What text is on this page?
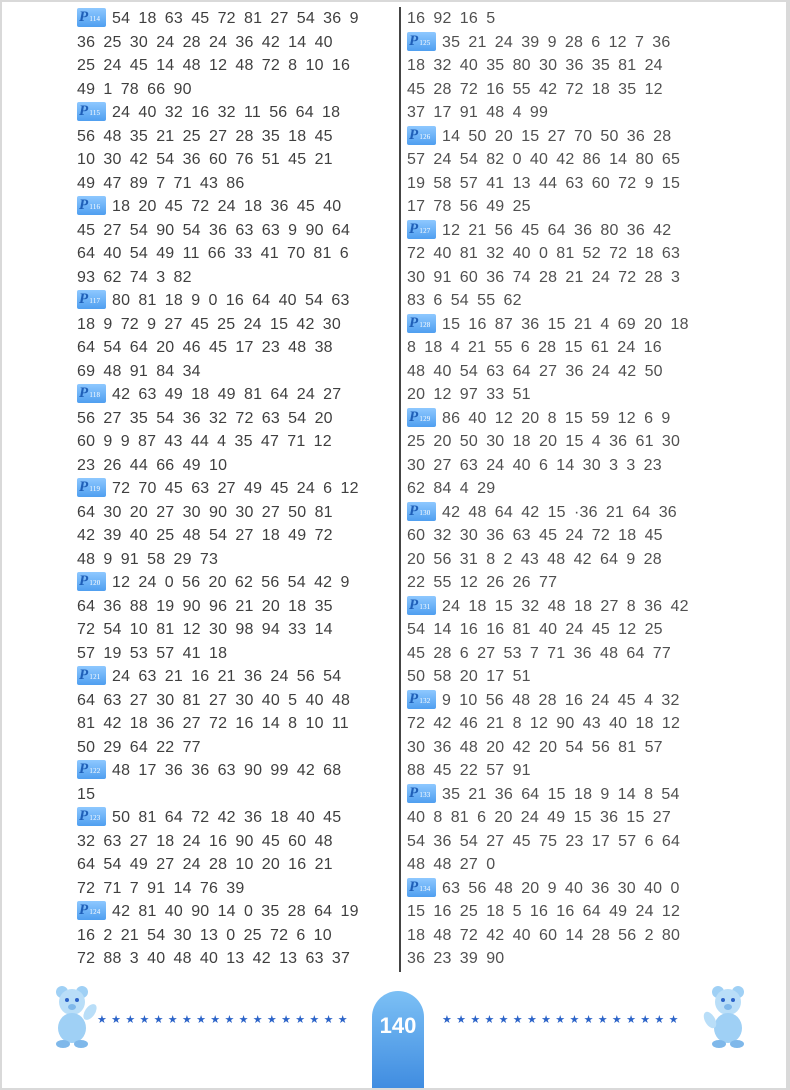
P114 54 18 63 45 72 81 27 54 36 9
36 25 30 24 28 24 36 42 14 40
25 24 45 14 48 12 48 72 8 10 16
49 1 78 66 90
P115 24 40 32 16 32 11 56 64 18
56 48 35 21 25 27 28 35 18 45
10 30 42 54 36 60 76 51 45 21
49 47 89 7 71 43 86
P116 18 20 45 72 24 18 36 45 40
45 27 54 90 54 36 63 63 9 90 64
64 40 54 49 11 66 33 41 70 81 6
93 62 74 3 82
P117 80 81 18 9 0 16 64 40 54 63
18 9 72 9 27 45 25 24 15 42 30
64 54 64 20 46 45 17 23 48 38
69 48 91 84 34
P118 42 63 49 18 49 81 64 24 27
56 27 35 54 36 32 72 63 54 20
60 9 9 87 43 44 4 35 47 71 12
23 26 44 66 49 10
P119 72 70 45 63 27 49 45 24 6 12
64 30 20 27 30 90 30 27 50 81
42 39 40 25 48 54 27 18 49 72
48 9 91 58 29 73
P120 12 24 0 56 20 62 56 54 42 9
64 36 88 19 90 96 21 20 18 35
72 54 10 81 12 30 98 94 33 14
57 19 53 57 41 18
P121 24 63 21 16 21 36 24 56 54
64 63 27 30 81 27 30 40 5 40 48
81 42 18 36 27 72 16 14 8 10 11
50 29 64 22 77
P122 48 17 36 36 63 90 99 42 68
15
P123 50 81 64 72 42 36 18 40 45
32 63 27 18 24 16 90 45 60 48
64 54 49 27 24 28 10 20 16 21
72 71 7 91 14 76 39
P124 42 81 40 90 14 0 35 28 64 19
16 2 21 54 30 13 0 25 72 6 10
72 88 3 40 48 40 13 42 13 63 37
16 92 16 5
P125 35 21 24 39 9 28 6 12 7 36
18 32 40 35 80 30 36 35 81 24
45 28 72 16 55 42 72 18 35 12
37 17 91 48 4 99
P126 14 50 20 15 27 70 50 36 28
57 24 54 82 0 40 42 86 14 80 65
19 58 57 41 13 44 63 60 72 9 15
17 78 56 49 25
P127 12 21 56 45 64 36 80 36 42
72 40 81 32 40 0 81 52 72 18 63
30 91 60 36 74 28 21 24 72 28 3
83 6 54 55 62
P128 15 16 87 36 15 21 4 69 20 18
8 18 4 21 55 6 28 15 61 24 16
48 40 54 63 64 27 36 24 42 50
20 12 97 33 51
P129 86 40 12 20 8 15 59 12 6 9
25 20 50 30 18 20 15 4 36 61 30
30 27 63 24 40 6 14 30 3 3 23
62 84 4 29
P130 42 48 64 42 15 ·36 21 64 36
60 32 30 36 63 45 24 72 18 45
20 56 31 8 2 43 48 42 64 9 28
22 55 12 26 26 77
P131 24 18 15 32 48 18 27 8 36 42
54 14 16 16 81 40 24 45 12 25
45 28 6 27 53 7 71 36 48 64 77
50 58 20 17 51
P132 9 10 56 48 28 16 24 45 4 32
72 42 46 21 8 12 90 43 40 18 12
30 36 48 20 42 20 54 56 81 57
88 45 22 57 91
P133 35 21 36 64 15 18 9 14 8 54
40 8 81 6 20 24 49 15 36 15 27
54 36 54 27 45 75 23 17 57 6 64
48 48 27 0
P134 63 56 48 20 9 40 36 30 40 0
15 16 25 18 5 16 16 64 49 24 12
18 48 72 42 40 60 14 28 56 2 80
36 23 39 90
★★★★★★★★★★★★★★★★★★	140	★★★★★★★★★★★★★★★★★
